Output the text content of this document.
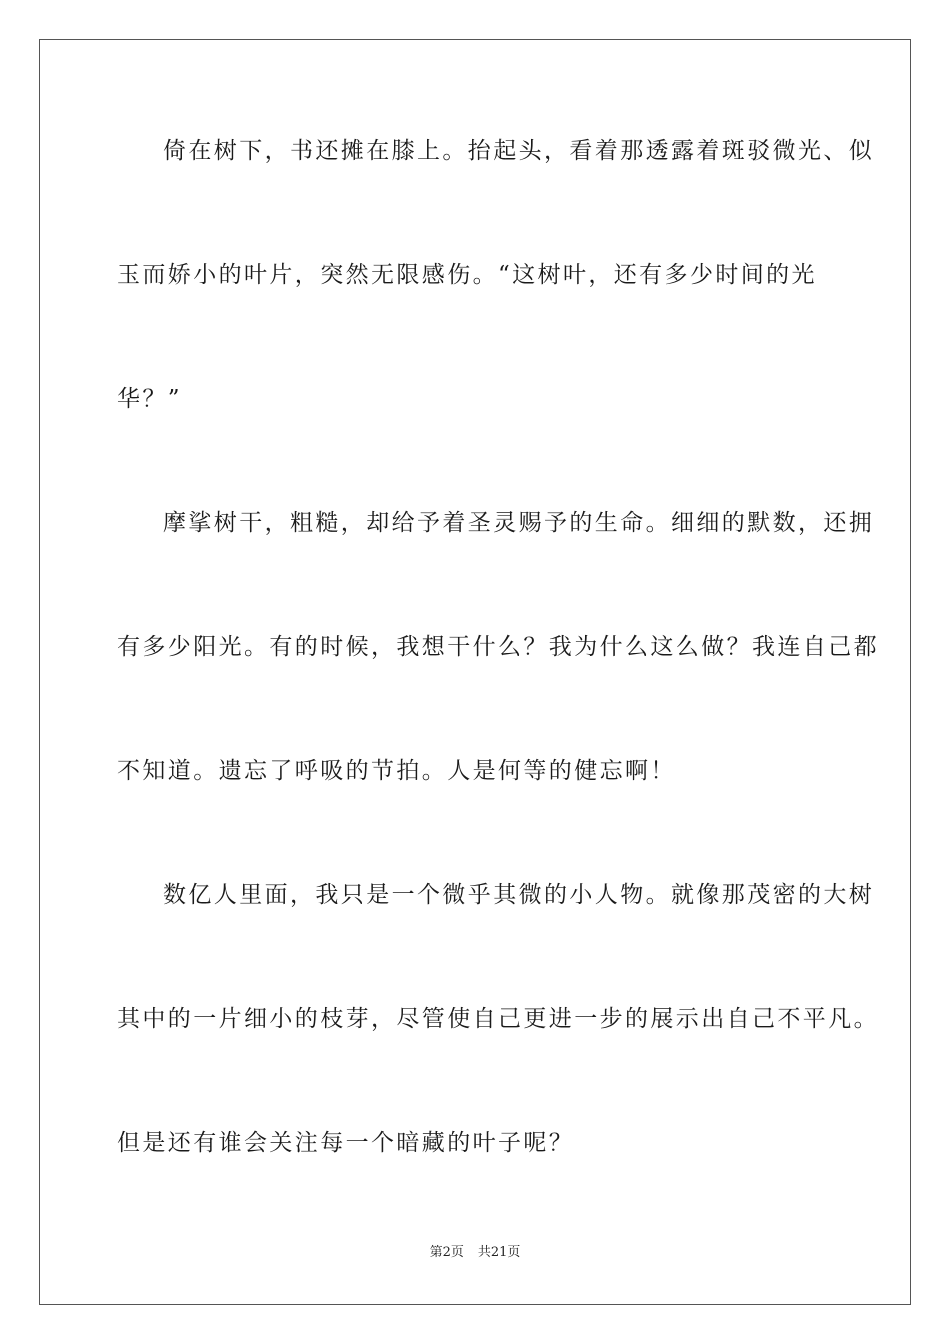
倚在树下，书还摊在膝上。抬起头，看着那透露着斑驳微光、似
玉而娇小的叶片，突然无限感伤。“这树叶，还有多少时间的光
华？”
摩挲树干，粗糙，却给予着圣灵赐予的生命。细细的默数，还拥
有多少阳光。有的时候，我想干什么？我为什么这么做？我连自己都
不知道。遗忘了呼吸的节拍。人是何等的健忘啊！
数亿人里面，我只是一个微乎其微的小人物。就像那茂密的大树
其中的一片细小的枝芽，尽管使自己更进一步的展示出自己不平凡。
但是还有谁会关注每一个暗藏的叶子呢？
第2页 共21页
